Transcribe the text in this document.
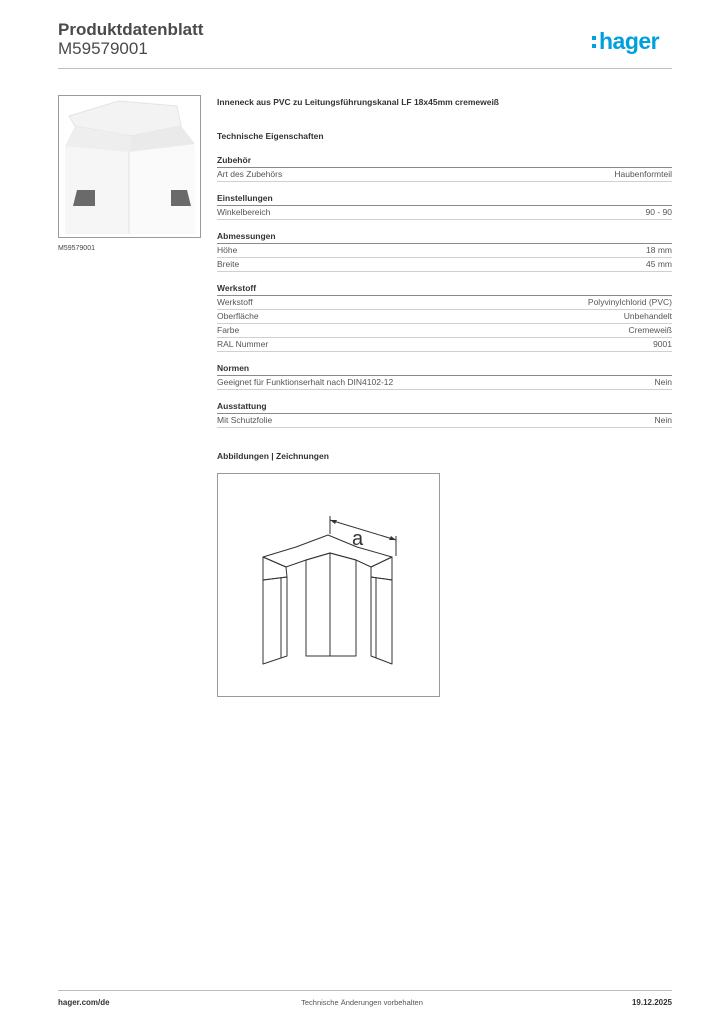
Produktdatenblatt
M59579001	hager
M59579001
Inneneck aus PVC zu Leitungsführungskanal LF 18x45mm cremeweiß
Technische Eigenschaften
Zubehör
Art des Zubehörs	Haubenformteil
Einstellungen
Winkelbereich	90 - 90
Abmessungen
Höhe	18 mm
Breite	45 mm
Werkstoff
Werkstoff	Polyvinylchlorid (PVC)
Oberfläche	Unbehandelt
Farbe	Cremeweiß
RAL Nummer	9001
Normen
Geeignet für Funktionserhalt nach DIN4102-12	Nein
Ausstattung
Mit Schutzfolie	Nein
Abbildungen | Zeichnungen
a
hager.com/de	Technische Änderungen vorbehalten	19.12.2025
